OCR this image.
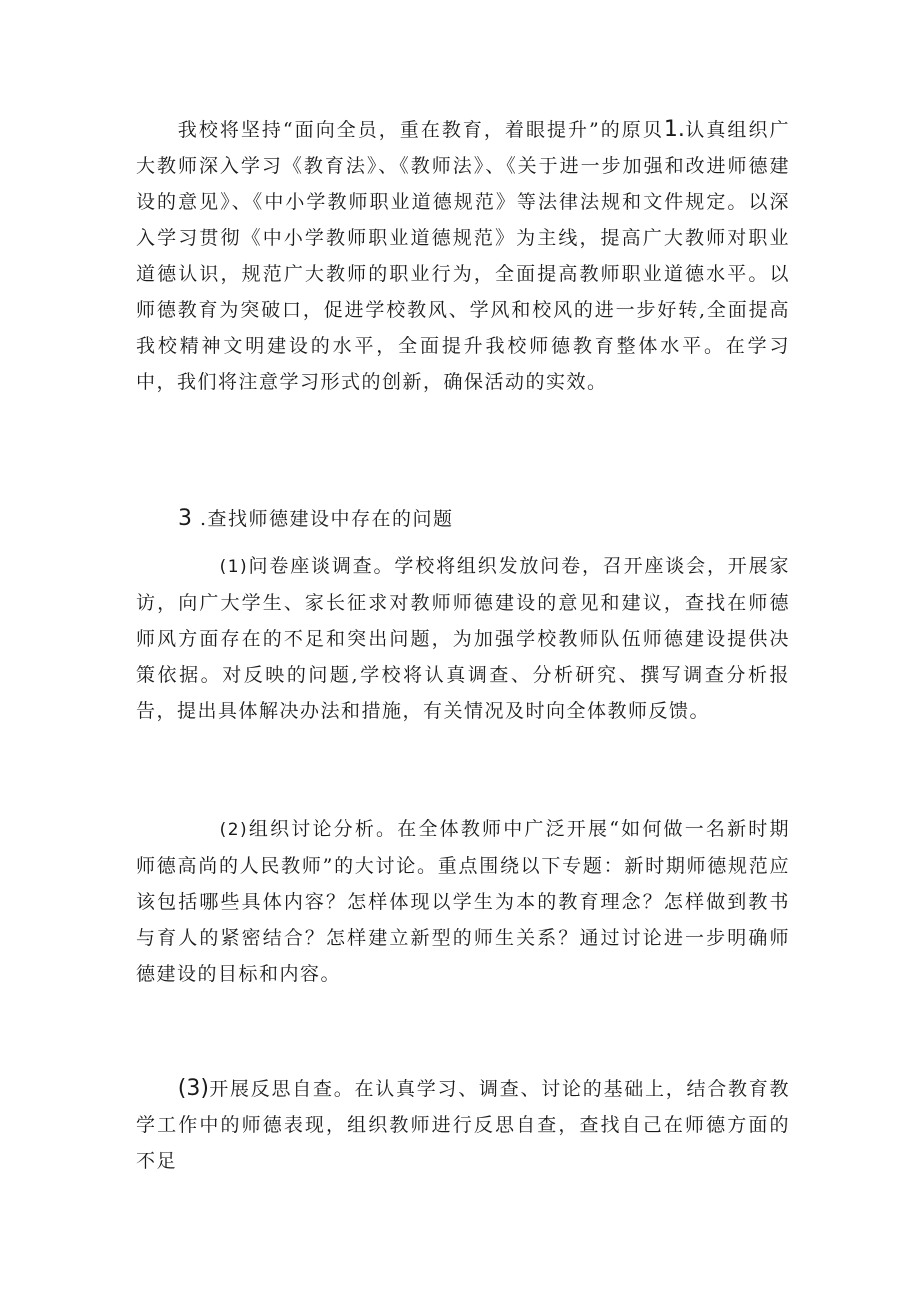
我校将坚持“面向全员，重在教育，着眼提升”的原贝1.认真组织广大教师深入学习《教育法》、《教师法》、《关于进一步加强和改进师德建设的意见》、《中小学教师职业道德规范》等法律法规和文件规定。以深入学习贯彻《中小学教师职业道德规范》为主线，提高广大教师对职业道德认识，规范广大教师的职业行为，全面提高教师职业道德水平。以师德教育为突破口，促进学校教风、学风和校风的进一步好转,全面提高我校精神文明建设的水平，全面提升我校师德教育整体水平。在学习中，我们将注意学习形式的创新，确保活动的实效。

3 .查找师德建设中存在的问题

(1)问卷座谈调查。学校将组织发放问卷，召开座谈会，开展家访，向广大学生、家长征求对教师师德建设的意见和建议，查找在师德师风方面存在的不足和突出问题，为加强学校教师队伍师德建设提供决策依据。对反映的问题,学校将认真调查、分析研究、撰写调查分析报告，提出具体解决办法和措施，有关情况及时向全体教师反馈。

(2)组织讨论分析。在全体教师中广泛开展“如何做一名新时期师德高尚的人民教师”的大讨论。重点围绕以下专题：新时期师德规范应该包括哪些具体内容？怎样体现以学生为本的教育理念？怎样做到教书与育人的紧密结合？怎样建立新型的师生关系？通过讨论进一步明确师德建设的目标和内容。

(3)开展反思自查。在认真学习、调查、讨论的基础上，结合教育教学工作中的师德表现，组织教师进行反思自查，查找自己在师德方面的不足
